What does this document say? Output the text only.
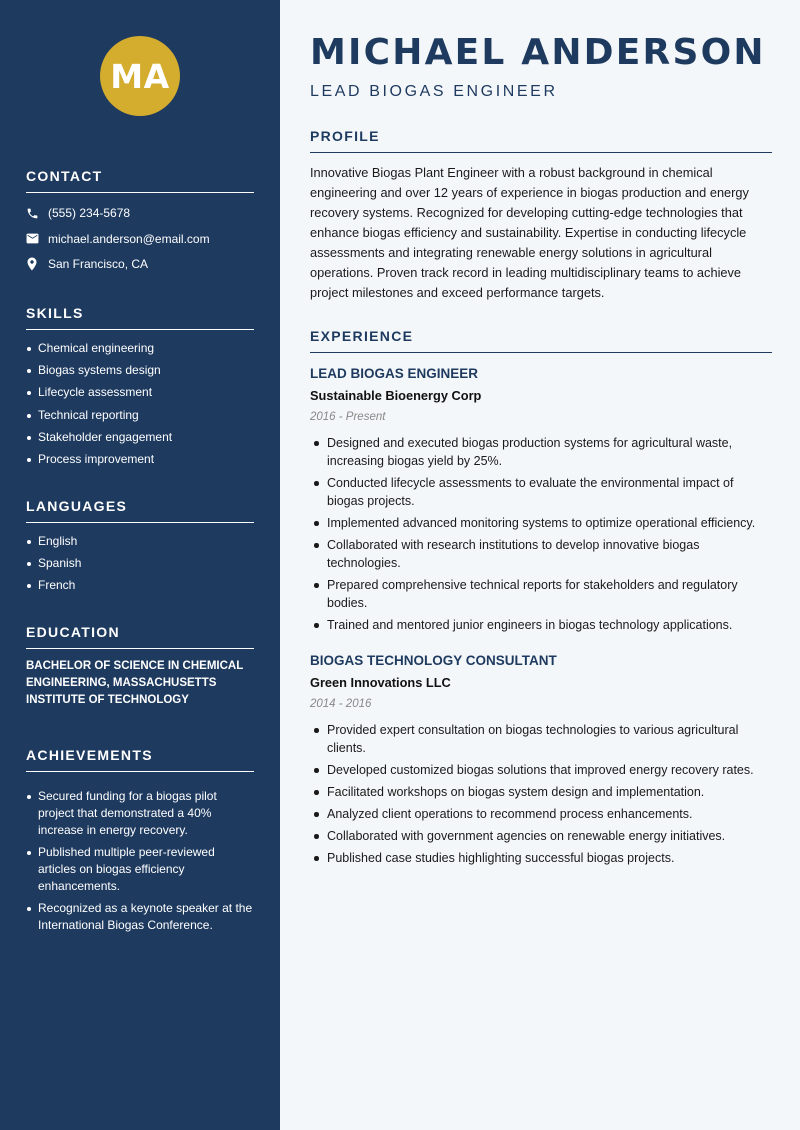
MA
CONTACT
(555) 234-5678
michael.anderson@email.com
San Francisco, CA
SKILLS
Chemical engineering
Biogas systems design
Lifecycle assessment
Technical reporting
Stakeholder engagement
Process improvement
LANGUAGES
English
Spanish
French
EDUCATION
BACHELOR OF SCIENCE IN CHEMICAL ENGINEERING, MASSACHUSETTS INSTITUTE OF TECHNOLOGY
ACHIEVEMENTS
Secured funding for a biogas pilot project that demonstrated a 40% increase in energy recovery.
Published multiple peer-reviewed articles on biogas efficiency enhancements.
Recognized as a keynote speaker at the International Biogas Conference.
MICHAEL ANDERSON
LEAD BIOGAS ENGINEER
PROFILE

Innovative Biogas Plant Engineer with a robust background in chemical engineering and over 12 years of experience in biogas production and energy recovery systems. Recognized for developing cutting-edge technologies that enhance biogas efficiency and sustainability. Expertise in conducting lifecycle assessments and integrating renewable energy solutions in agricultural operations. Proven track record in leading multidisciplinary teams to achieve project milestones and exceed performance targets.

EXPERIENCE
LEAD BIOGAS ENGINEER
Sustainable Bioenergy Corp
2016 - Present
Designed and executed biogas production systems for agricultural waste, increasing biogas yield by 25%.
Conducted lifecycle assessments to evaluate the environmental impact of biogas projects.
Implemented advanced monitoring systems to optimize operational efficiency.
Collaborated with research institutions to develop innovative biogas technologies.
Prepared comprehensive technical reports for stakeholders and regulatory bodies.
Trained and mentored junior engineers in biogas technology applications.
BIOGAS TECHNOLOGY CONSULTANT
Green Innovations LLC
2014 - 2016
Provided expert consultation on biogas technologies to various agricultural clients.
Developed customized biogas solutions that improved energy recovery rates.
Facilitated workshops on biogas system design and implementation.
Analyzed client operations to recommend process enhancements.
Collaborated with government agencies on renewable energy initiatives.
Published case studies highlighting successful biogas projects.
